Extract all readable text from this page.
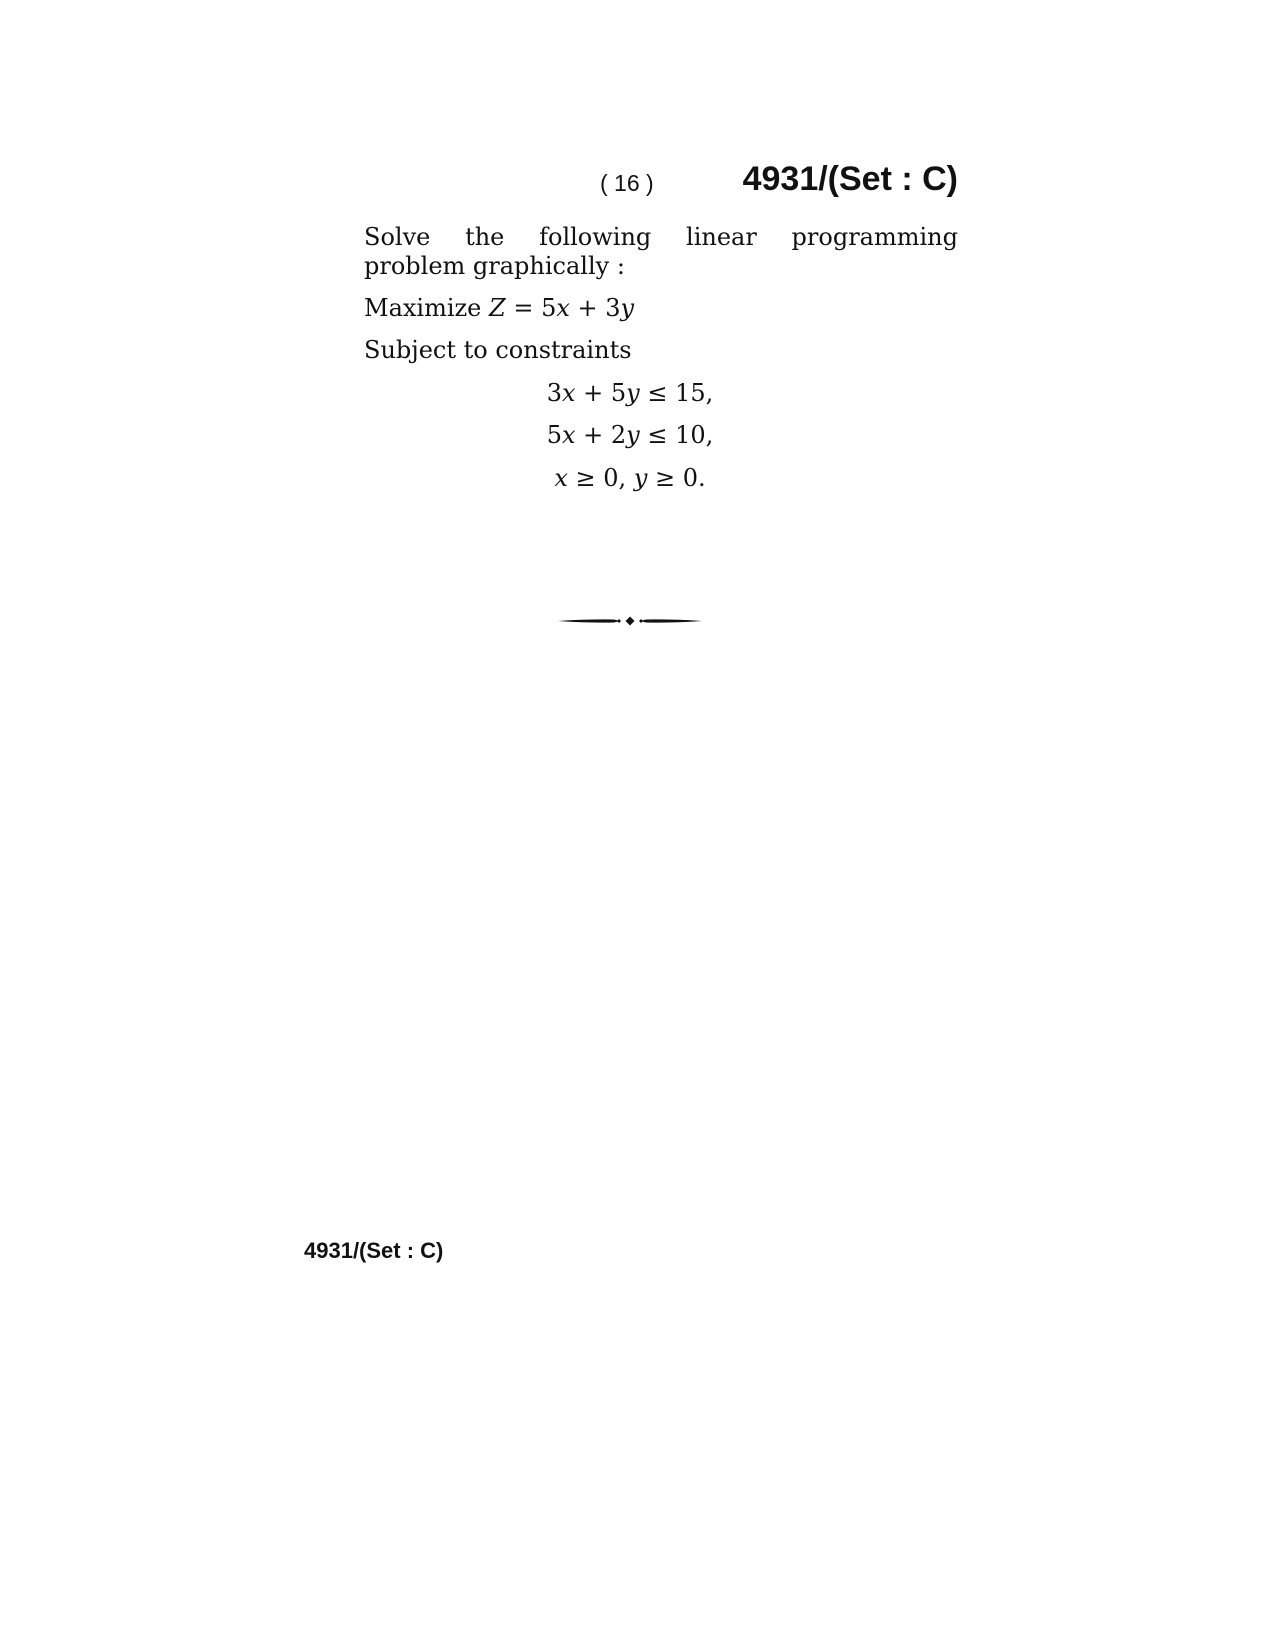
( 16 )	4931/(Set : C)
Solve the following linear programming problem graphically :
Maximize Z = 5x + 3y
Subject to constraints
3x + 5y ≤ 15,
5x + 2y ≤ 10,
x ≥ 0, y ≥ 0.
4931/(Set : C)
